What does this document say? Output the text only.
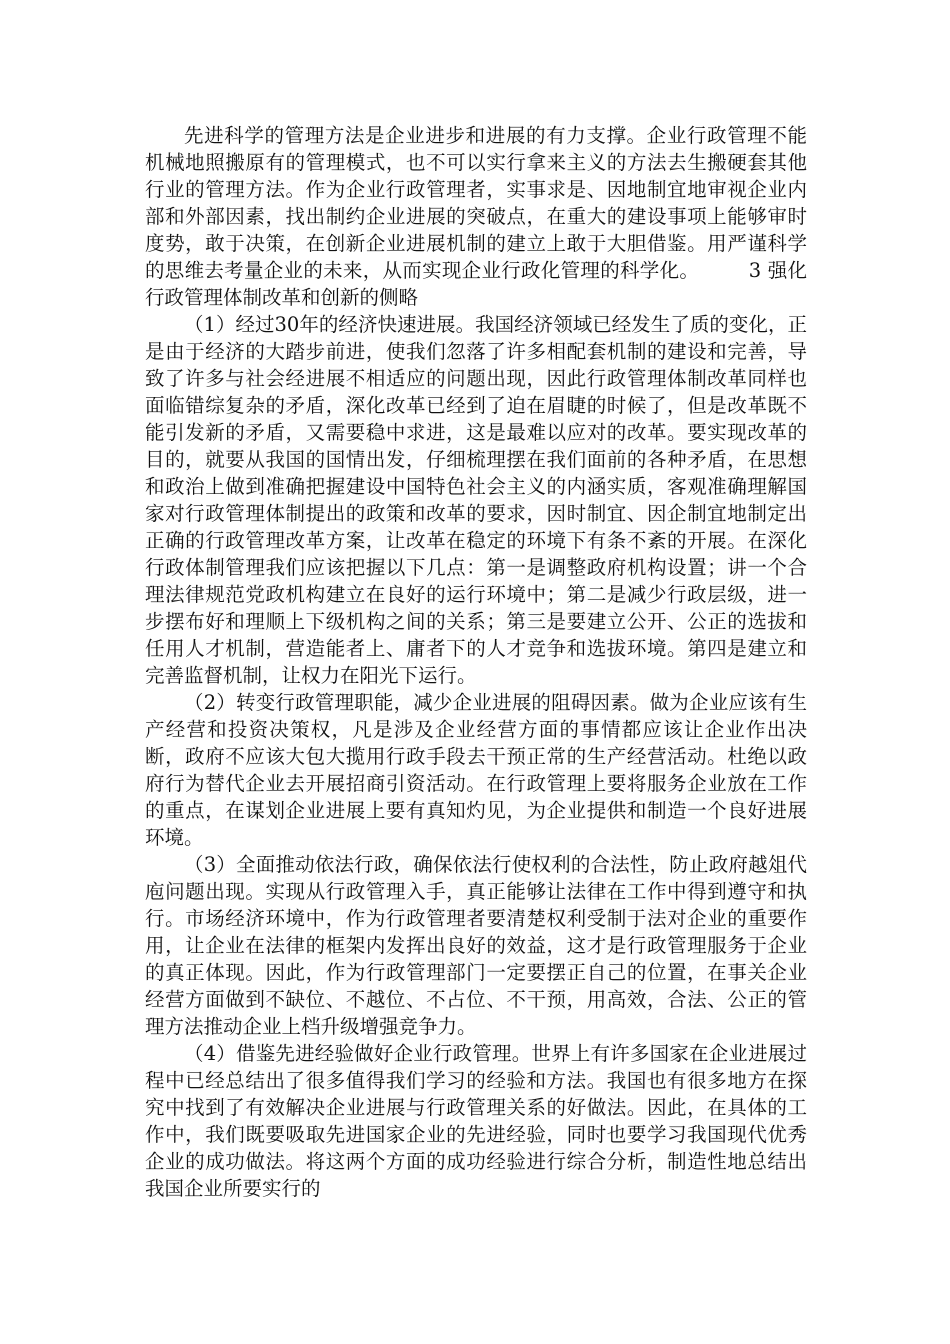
先进科学的管理方法是企业进步和进展的有力支撑。企业行政管理不能机械地照搬原有的管理模式，也不可以实行拿来主义的方法去生搬硬套其他行业的管理方法。作为企业行政管理者，实事求是、因地制宜地审视企业内部和外部因素，找出制约企业进展的突破点，在重大的建设事项上能够审时度势，敢于决策，在创新企业进展机制的建立上敢于大胆借鉴。用严谨科学的思维去考量企业的未来，从而实现企业行政化管理的科学化。　　　3 强化行政管理体制改革和创新的侧略

（1）经过30年的经济快速进展。我国经济领域已经发生了质的变化，正是由于经济的大踏步前进，使我们忽落了许多相配套机制的建设和完善，导致了许多与社会经进展不相适应的问题出现，因此行政管理体制改革同样也面临错综复杂的矛盾，深化改革已经到了迫在眉睫的时候了，但是改革既不能引发新的矛盾，又需要稳中求进，这是最难以应对的改革。要实现改革的目的，就要从我国的国情出发，仔细梳理摆在我们面前的各种矛盾，在思想和政治上做到准确把握建设中国特色社会主义的内涵实质，客观准确理解国家对行政管理体制提出的政策和改革的要求，因时制宜、因企制宜地制定出正确的行政管理改革方案，让改革在稳定的环境下有条不紊的开展。在深化行政体制管理我们应该把握以下几点：第一是调整政府机构设置；讲一个合理法律规范党政机构建立在良好的运行环境中；第二是减少行政层级，进一步摆布好和理顺上下级机构之间的关系；第三是要建立公开、公正的选拔和任用人才机制，营造能者上、庸者下的人才竞争和选拔环境。第四是建立和完善监督机制，让权力在阳光下运行。

（2）转变行政管理职能，减少企业进展的阻碍因素。做为企业应该有生产经营和投资决策权，凡是涉及企业经营方面的事情都应该让企业作出决断，政府不应该大包大揽用行政手段去干预正常的生产经营活动。杜绝以政府行为替代企业去开展招商引资活动。在行政管理上要将服务企业放在工作的重点，在谋划企业进展上要有真知灼见，为企业提供和制造一个良好进展环境。

（3）全面推动依法行政，确保依法行使权利的合法性，防止政府越俎代庖问题出现。实现从行政管理入手，真正能够让法律在工作中得到遵守和执行。市场经济环境中，作为行政管理者要清楚权利受制于法对企业的重要作用，让企业在法律的框架内发挥出良好的效益，这才是行政管理服务于企业的真正体现。因此，作为行政管理部门一定要摆正自己的位置，在事关企业经营方面做到不缺位、不越位、不占位、不干预，用高效，合法、公正的管理方法推动企业上档升级增强竞争力。

（4）借鉴先进经验做好企业行政管理。世界上有许多国家在企业进展过程中已经总结出了很多值得我们学习的经验和方法。我国也有很多地方在探究中找到了有效解决企业进展与行政管理关系的好做法。因此，在具体的工作中，我们既要吸取先进国家企业的先进经验，同时也要学习我国现代优秀企业的成功做法。将这两个方面的成功经验进行综合分析，制造性地总结出我国企业所要实行的
